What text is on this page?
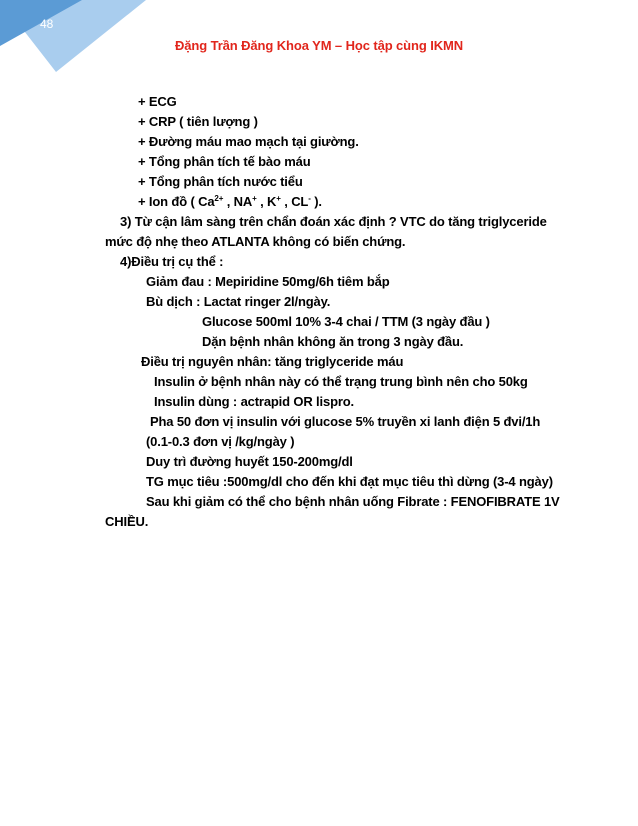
48
Đặng Trần Đăng Khoa YM – Học tập cùng IKMN
+ ECG
+ CRP ( tiên lượng )
+ Đường máu mao mạch tại giường.
+ Tổng phân tích tế bào máu
+ Tổng phân tích nước tiểu
+ Ion đồ ( $Ca^{2+}$ , NA+ , K+ , CL- ).
3) Từ cận lâm sàng trên chẩn đoán xác định ? VTC do tăng triglyceride
mức độ nhẹ theo ATLANTA không có biến chứng.
4)Điều trị cụ thể :
Giảm đau : Mepiridine 50mg/6h tiêm bắp
Bù dịch : Lactat ringer 2l/ngày.
Glucose 500ml 10% 3-4 chai / TTM (3 ngày đầu )
Dặn bệnh nhân không ăn trong 3 ngày đầu.
Điều trị nguyên nhân: tăng triglyceride máu
Insulin ở bệnh nhân này có thể trạng trung bình nên cho 50kg
Insulin dùng : actrapid OR lispro.
Pha 50 đơn vị insulin với glucose 5% truyền xi lanh điện 5 đvi/1h
(0.1-0.3 đơn vị /kg/ngày )
Duy trì đường huyết 150-200mg/dl
TG mục tiêu :500mg/dl cho đến khi đạt mục tiêu thì dừng (3-4 ngày)
Sau khi giảm có thể cho bệnh nhân uống Fibrate : FENOFIBRATE 1V
CHIỀU.
